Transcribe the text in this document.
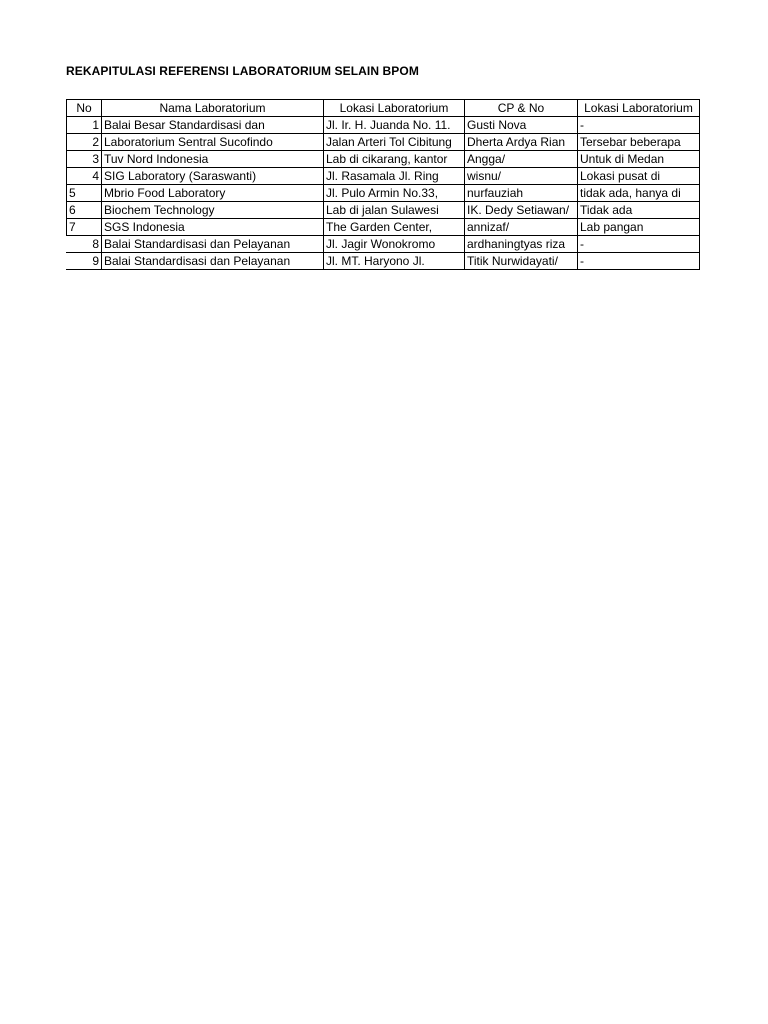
REKAPITULASI REFERENSI LABORATORIUM SELAIN BPOM
No	Nama Laboratorium	Lokasi Laboratorium	CP & No	Lokasi Laboratorium
1	Balai Besar Standardisasi dan	Jl. Ir. H. Juanda No. 11.	Gusti Nova	-
2	Laboratorium Sentral Sucofindo	Jalan Arteri Tol Cibitung	Dherta Ardya Rian	Tersebar beberapa
3	Tuv Nord Indonesia	Lab di cikarang, kantor	Angga/	Untuk di Medan
4	SIG Laboratory (Saraswanti)	Jl. Rasamala Jl. Ring	wisnu/	Lokasi pusat di
5	Mbrio Food Laboratory	Jl. Pulo Armin No.33,	nurfauziah	tidak ada, hanya di
6	Biochem Technology	Lab di jalan Sulawesi	IK. Dedy Setiawan/	Tidak ada
7	SGS Indonesia	The Garden Center,	annizaf/	Lab pangan
8	Balai Standardisasi dan Pelayanan	Jl. Jagir Wonokromo	ardhaningtyas riza	-
9	Balai Standardisasi dan Pelayanan	Jl. MT. Haryono Jl.	Titik Nurwidayati/	-
